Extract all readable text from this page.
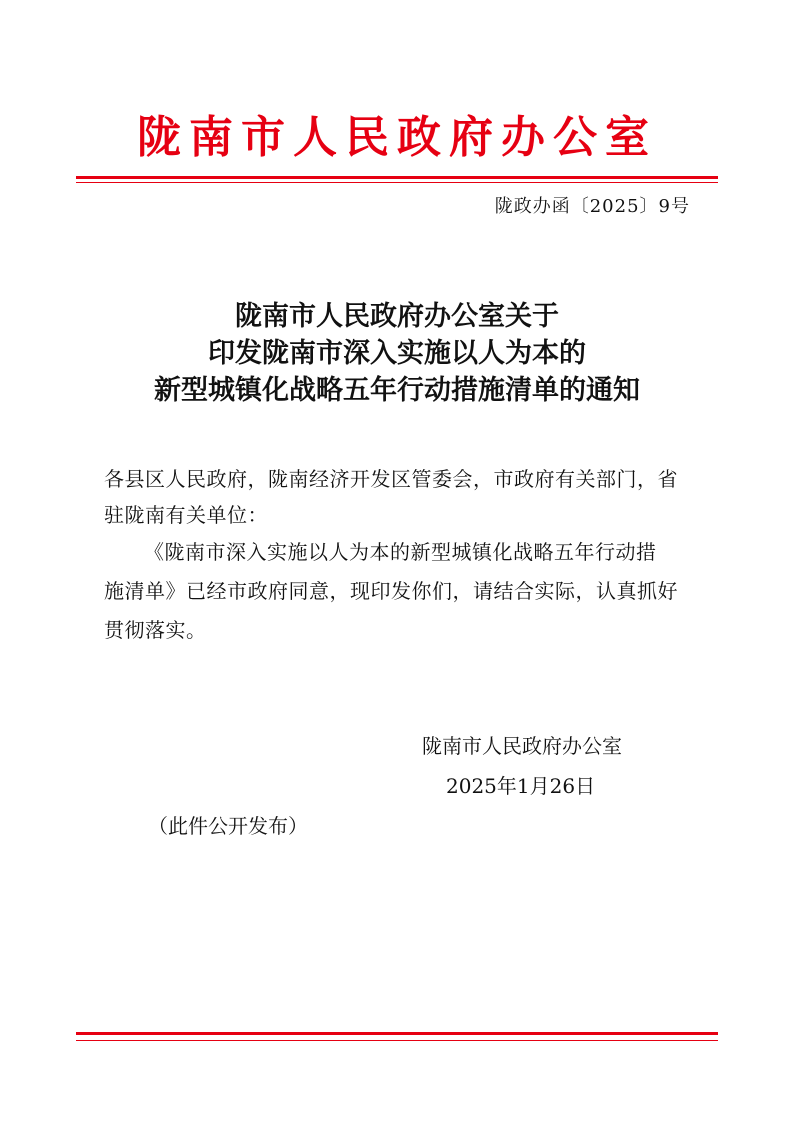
陇南市人民政府办公室
陇政办函〔2025〕9号
陇南市人民政府办公室关于
印发陇南市深入实施以人为本的
新型城镇化战略五年行动措施清单的通知
各县区人民政府，陇南经济开发区管委会，市政府有关部门，省
驻陇南有关单位：
《陇南市深入实施以人为本的新型城镇化战略五年行动措
施清单》已经市政府同意，现印发你们，请结合实际，认真抓好
贯彻落实。
陇南市人民政府办公室
2025年1月26日
（此件公开发布）
